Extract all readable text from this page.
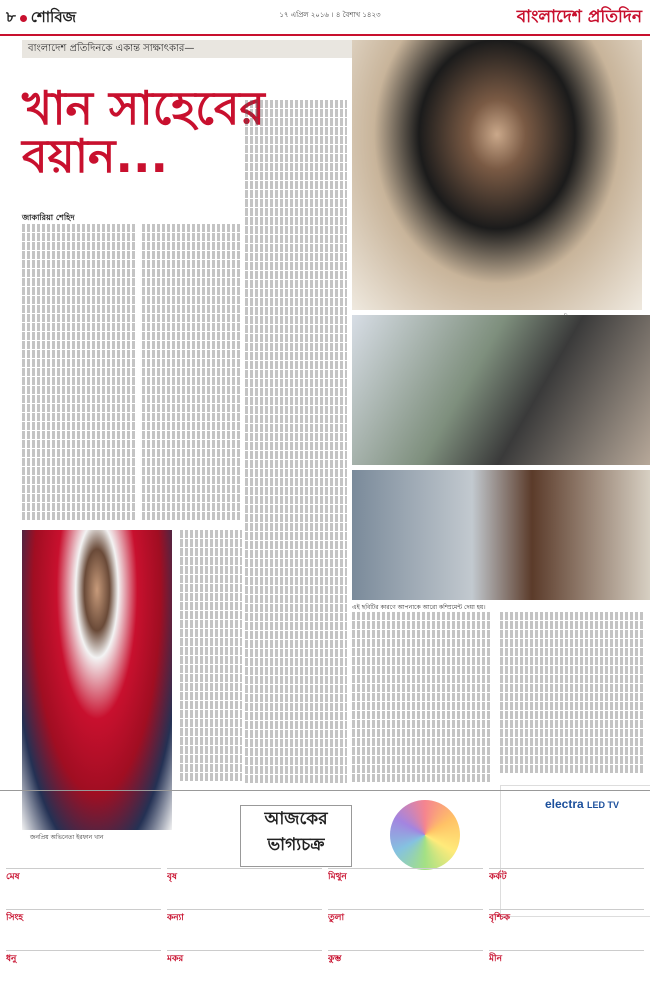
৮ শোবিজ	১৭ এপ্রিল ২০১৬ । ৪ বৈশাখ ১৪২৩	বাংলাদেশ প্রতিদিন
বাংলাদেশ প্রতিদিনকে একান্ত সাক্ষাৎকার—
খান সাহেবের
বয়ান...
এই ছবিটির কারণে আপনাকে আরো কম্প্রিমেন্ট দেয়া হয়।
জাকারিয়া শেহিদ
জনপ্রিয় অভিনেতা ইরফান খান
electra LED TV
আজকের
ভাগ্যচক্র
মেষ	বৃষ	মিথুন	কর্কট
সিংহ	কন্যা	তুলা	বৃশ্চিক
ধনু	মকর	কুম্ভ	মীন
